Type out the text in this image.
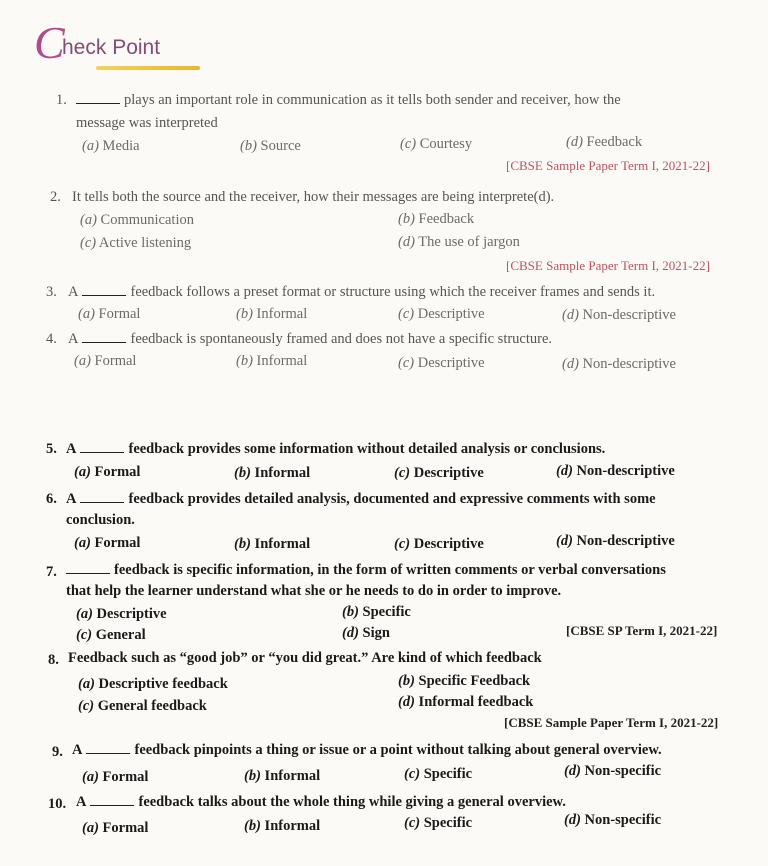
C
heck Point
1.	plays an important role in communication as it tells both sender and receiver, how the
message was interpreted
(a) Media	(b) Source	(c) Courtesy	(d) Feedback
[CBSE Sample Paper Term I, 2021-22]
2. It tells both the source and the receiver, how their messages are being interprete(d).
(a) Communication	(b) Feedback
(c) Active listening	(d) The use of jargon
[CBSE Sample Paper Term I, 2021-22]
3. A	feedback follows a preset format or structure using which the receiver frames and sends it.
(a) Formal	(b) Informal	(c) Descriptive	(d) Non-descriptive
4. A	feedback is spontaneously framed and does not have a specific structure.
(a) Formal	(b) Informal	(c) Descriptive	(d) Non-descriptive
5. A	feedback provides some information without detailed analysis or conclusions.
(a) Formal	(b) Informal	(c) Descriptive	(d) Non-descriptive
6. A	feedback provides detailed analysis, documented and expressive comments with some
conclusion.
(a) Formal	(b) Informal	(c) Descriptive	(d) Non-descriptive
7.	feedback is specific information, in the form of written comments or verbal conversations
that help the learner understand what she or he needs to do in order to improve.
(a) Descriptive	(b) Specific
(c) General	(d) Sign	[CBSE SP Term I, 2021-22]
8. Feedback such as “good job” or “you did great.” Are kind of which feedback
(a) Descriptive feedback	(b) Specific Feedback
(c) General feedback	(d) Informal feedback
[CBSE Sample Paper Term I, 2021-22]
9. A	feedback pinpoints a thing or issue or a point without talking about general overview.
(a) Formal	(b) Informal	(c) Specific	(d) Non-specific
10. A	feedback talks about the whole thing while giving a general overview.
(a) Formal	(b) Informal	(c) Specific	(d) Non-specific
